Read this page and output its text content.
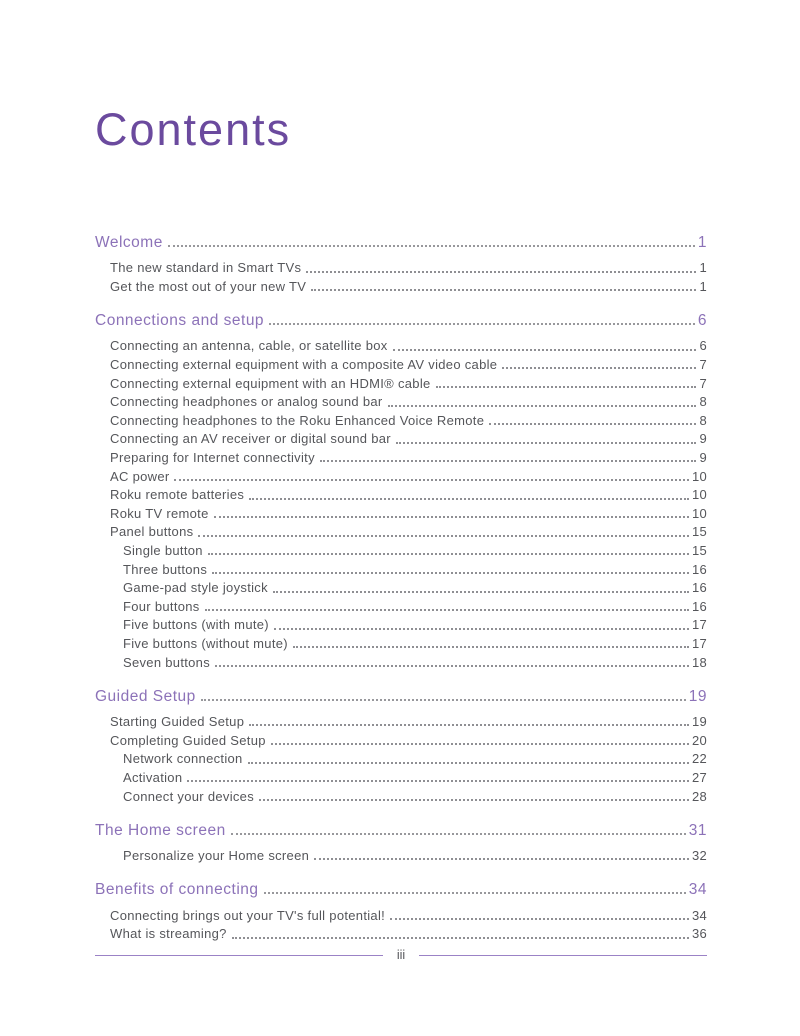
Contents
Welcome	1
The new standard in Smart TVs	1
Get the most out of your new TV	1
Connections and setup	6
Connecting an antenna, cable, or satellite box	6
Connecting external equipment with a composite AV video cable	7
Connecting external equipment with an HDMI® cable	7
Connecting headphones or analog sound bar	8
Connecting headphones to the Roku Enhanced Voice Remote	8
Connecting an AV receiver or digital sound bar	9
Preparing for Internet connectivity	9
AC power	10
Roku remote batteries	10
Roku TV remote	10
Panel buttons	15
Single button	15
Three buttons	16
Game-pad style joystick	16
Four buttons	16
Five buttons (with mute)	17
Five buttons (without mute)	17
Seven buttons	18
Guided Setup	19
Starting Guided Setup	19
Completing Guided Setup	20
Network connection	22
Activation	27
Connect your devices	28
The Home screen	31
Personalize your Home screen	32
Benefits of connecting	34
Connecting brings out your TV's full potential!	34
What is streaming?	36
iii
